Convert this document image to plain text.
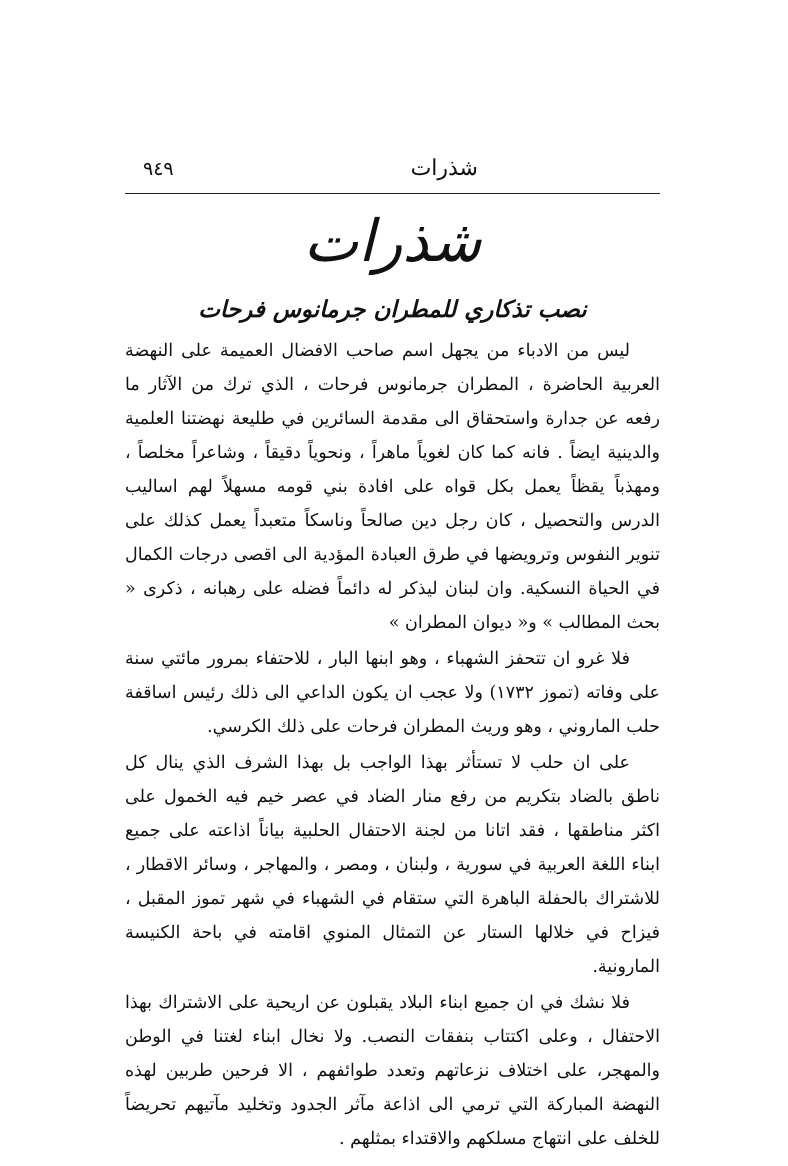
شذرات
٩٤٩
شذرات
نصب تذكاري للمطران جرمانوس فرحات

ليس من الادباء من يجهل اسم صاحب الافضال العميمة على النهضة العربية الحاضرة ، المطران جرمانوس فرحات ، الذي ترك من الآثار ما رفعه عن جدارة واستحقاق الى مقدمة السائرين في طليعة نهضتنا العلمية والدينية ايضاً . فانه كما كان لغوياً ماهراً ، ونحوياً دقيقاً ، وشاعراً مخلصاً ، ومهذباً يقظاً يعمل بكل قواه على افادة بني قومه مسهلاً لهم اساليب الدرس والتحصيل ، كان رجل دين صالحاً وناسكاً متعبداً يعمل كذلك على تنوير النفوس وترويضها في طرق العبادة المؤدية الى اقصى درجات الكمال في الحياة النسكية. وان لبنان ليذكر له دائماً فضله على رهبانه ، ذكرى « بحث المطالب » و« ديوان المطران »

فلا غرو ان تتحفز الشهباء ، وهو ابنها البار ، للاحتفاء بمرور مائتي سنة على وفاته (تموز ١٧٣٢) ولا عجب ان يكون الداعي الى ذلك رئيس اساقفة حلب الماروني ، وهو وريث المطران فرحات على ذلك الكرسي.

على ان حلب لا تستأثر بهذا الواجب بل بهذا الشرف الذي ينال كل ناطق بالضاد بتكريم من رفع منار الضاد في عصر خيم فيه الخمول على اكثر مناطقها ، فقد اتانا من لجنة الاحتفال الحلبية بياناً اذاعته على جميع ابناء اللغة العربية في سورية ، ولبنان ، ومصر ، والمهاجر ، وسائر الاقطار ، للاشتراك بالحفلة الباهرة التي ستقام في الشهباء في شهر تموز المقبل ، فيزاح في خلالها الستار عن التمثال المنوي اقامته في باحة الكنيسة المارونية.

فلا نشك في ان جميع ابناء البلاد يقبلون عن اريحية على الاشتراك بهذا الاحتفال ، وعلى اكتتاب بنفقات النصب. ولا نخال ابناء لغتنا في الوطن والمهجر، على اختلاف نزعاتهم وتعدد طوائفهم ، الا فرحين طربين لهذه النهضة المباركة التي ترمي الى اذاعة مآثر الجدود وتخليد مآتيهم تحريضاً للخلف على انتهاج مسلكهم والاقتداء بمثلهم .
